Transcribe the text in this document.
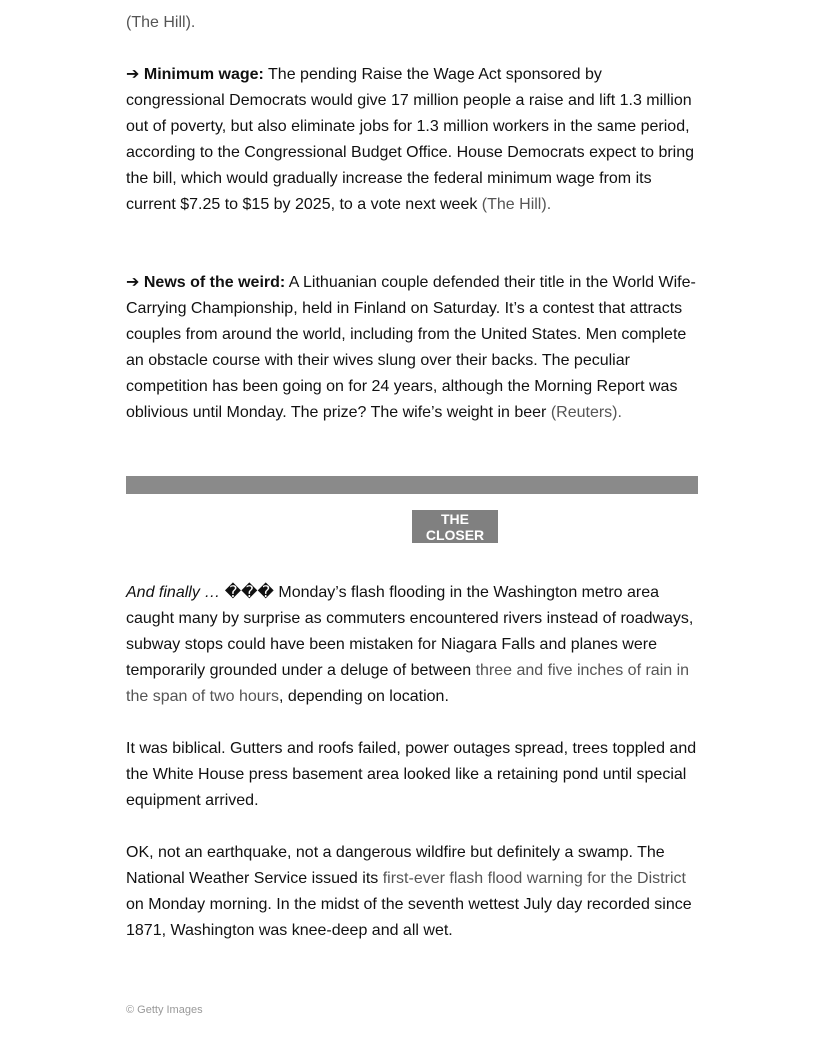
(The Hill).

➔ Minimum wage: The pending Raise the Wage Act sponsored by congressional Democrats would give 17 million people a raise and lift 1.3 million out of poverty, but also eliminate jobs for 1.3 million workers in the same period, according to the Congressional Budget Office. House Democrats expect to bring the bill, which would gradually increase the federal minimum wage from its current $7.25 to $15 by 2025, to a vote next week (The Hill).

➔ News of the weird: A Lithuanian couple defended their title in the World Wife-Carrying Championship, held in Finland on Saturday. It’s a contest that attracts couples from around the world, including from the United States. Men complete an obstacle course with their wives slung over their backs. The peculiar competition has been going on for 24 years, although the Morning Report was oblivious until Monday. The prize? The wife’s weight in beer (Reuters).

THE
CLOSER

And finally … ��� Monday’s flash flooding in the Washington metro area caught many by surprise as commuters encountered rivers instead of roadways, subway stops could have been mistaken for Niagara Falls and planes were temporarily grounded under a deluge of between three and five inches of rain in the span of two hours, depending on location.

It was biblical. Gutters and roofs failed, power outages spread, trees toppled and the White House press basement area looked like a retaining pond until special equipment arrived.

OK, not an earthquake, not a dangerous wildfire but definitely a swamp. The National Weather Service issued its first-ever flash flood warning for the District on Monday morning. In the midst of the seventh wettest July day recorded since 1871, Washington was knee-deep and all wet.

© Getty Images
